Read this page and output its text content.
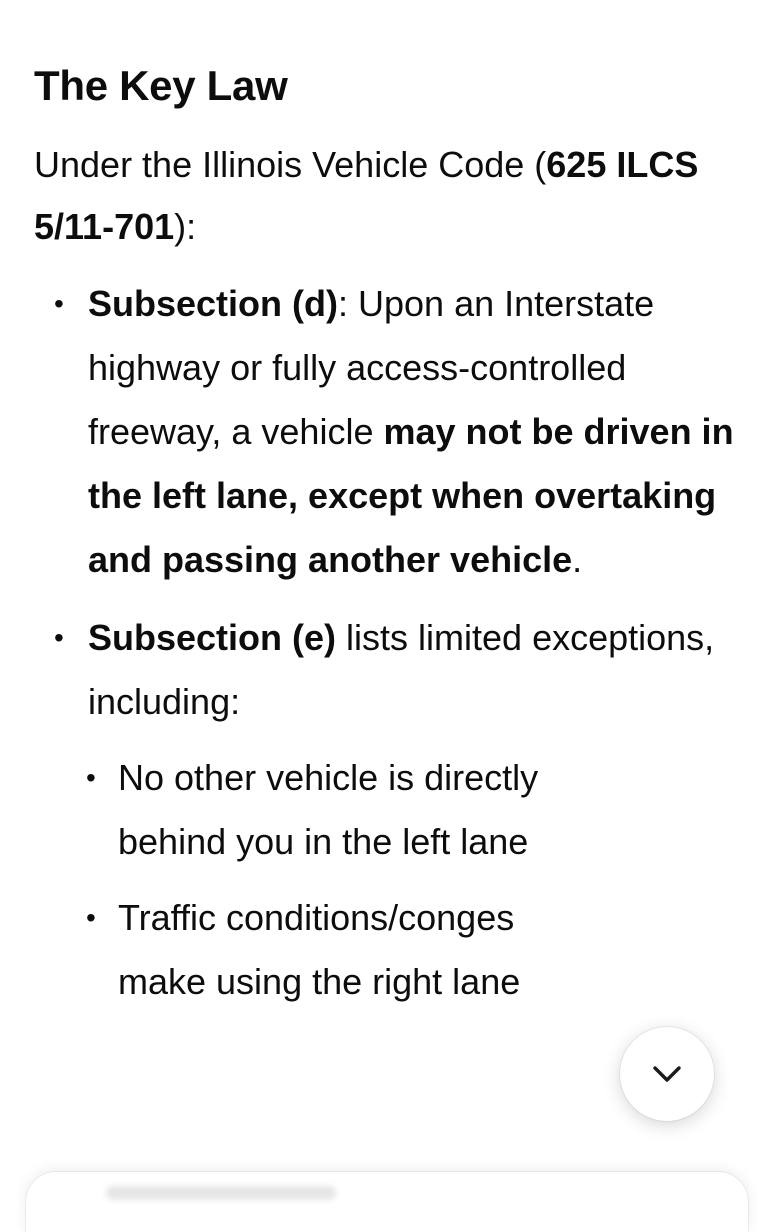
The Key Law

Under the Illinois Vehicle Code (625 ILCS 5/11-701):

• Subsection (d): Upon an Interstate highway or fully access-controlled freeway, a vehicle may not be driven in the left lane, except when overtaking and passing another vehicle.
• Subsection (e) lists limited exceptions, including:
• No other vehicle is directly
behind you in the left lane
• Traffic conditions/conges
make using the right lane
